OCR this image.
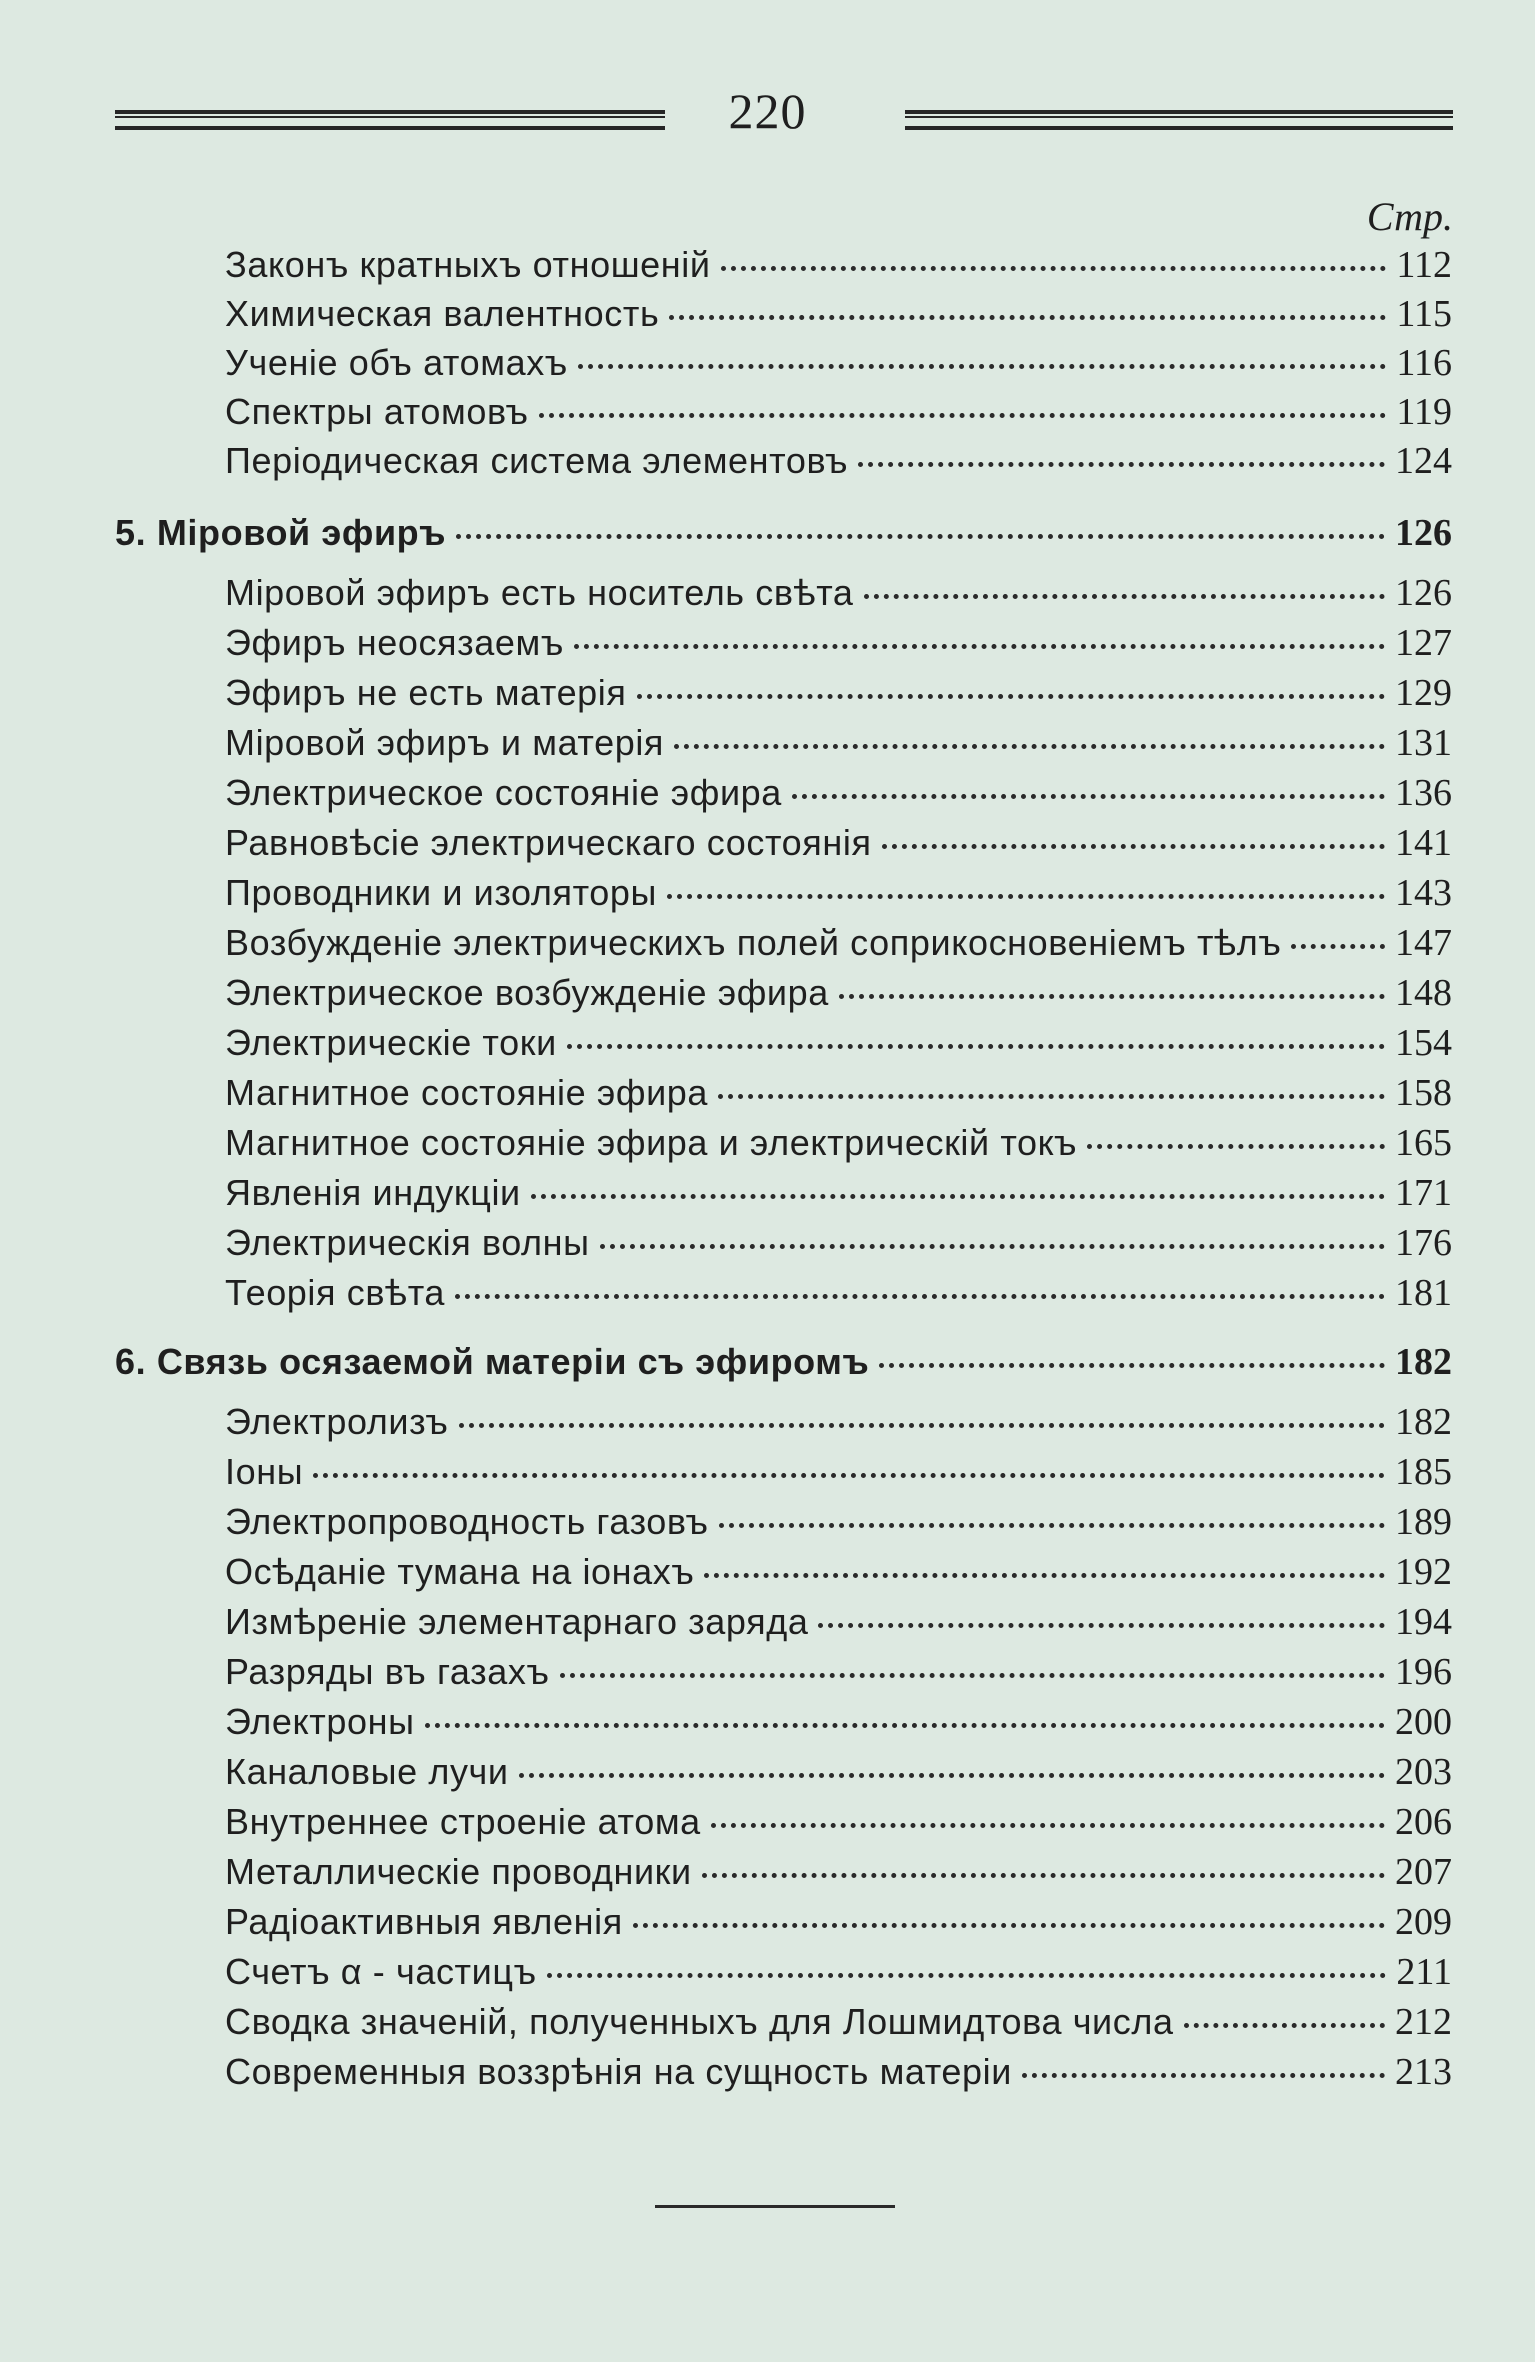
220
Стр.
Законъ кратныхъ отношеній	112
Химическая валентность	115
Ученіе объ атомахъ	116
Спектры атомовъ	119
Періодическая система элементовъ	124
5. Міровой эфиръ	126
Міровой эфиръ есть носитель свѣта	126
Эфиръ неосязаемъ	127
Эфиръ не есть матерія	129
Міровой эфиръ и матерія	131
Электрическое состояніе эфира	136
Равновѣсіе электрическаго состоянія	141
Проводники и изоляторы	143
Возбужденіе электрическихъ полей соприкосновеніемъ тѣлъ	147
Электрическое возбужденіе эфира	148
Электрическіе токи	154
Магнитное состояніе эфира	158
Магнитное состояніе эфира и электрическій токъ	165
Явленія индукціи	171
Электрическія волны	176
Теорія свѣта	181
6. Связь осязаемой матеріи съ эфиромъ	182
Электролизъ	182
Іоны	185
Электропроводность газовъ	189
Осѣданіе тумана на іонахъ	192
Измѣреніе элементарнаго заряда	194
Разряды въ газахъ	196
Электроны	200
Каналовые лучи	203
Внутреннее строеніе атома	206
Металлическіе проводники	207
Радіоактивныя явленія	209
Счетъ α - частицъ	211
Сводка значеній, полученныхъ для Лошмидтова числа	212
Современныя воззрѣнія на сущность матеріи	213
